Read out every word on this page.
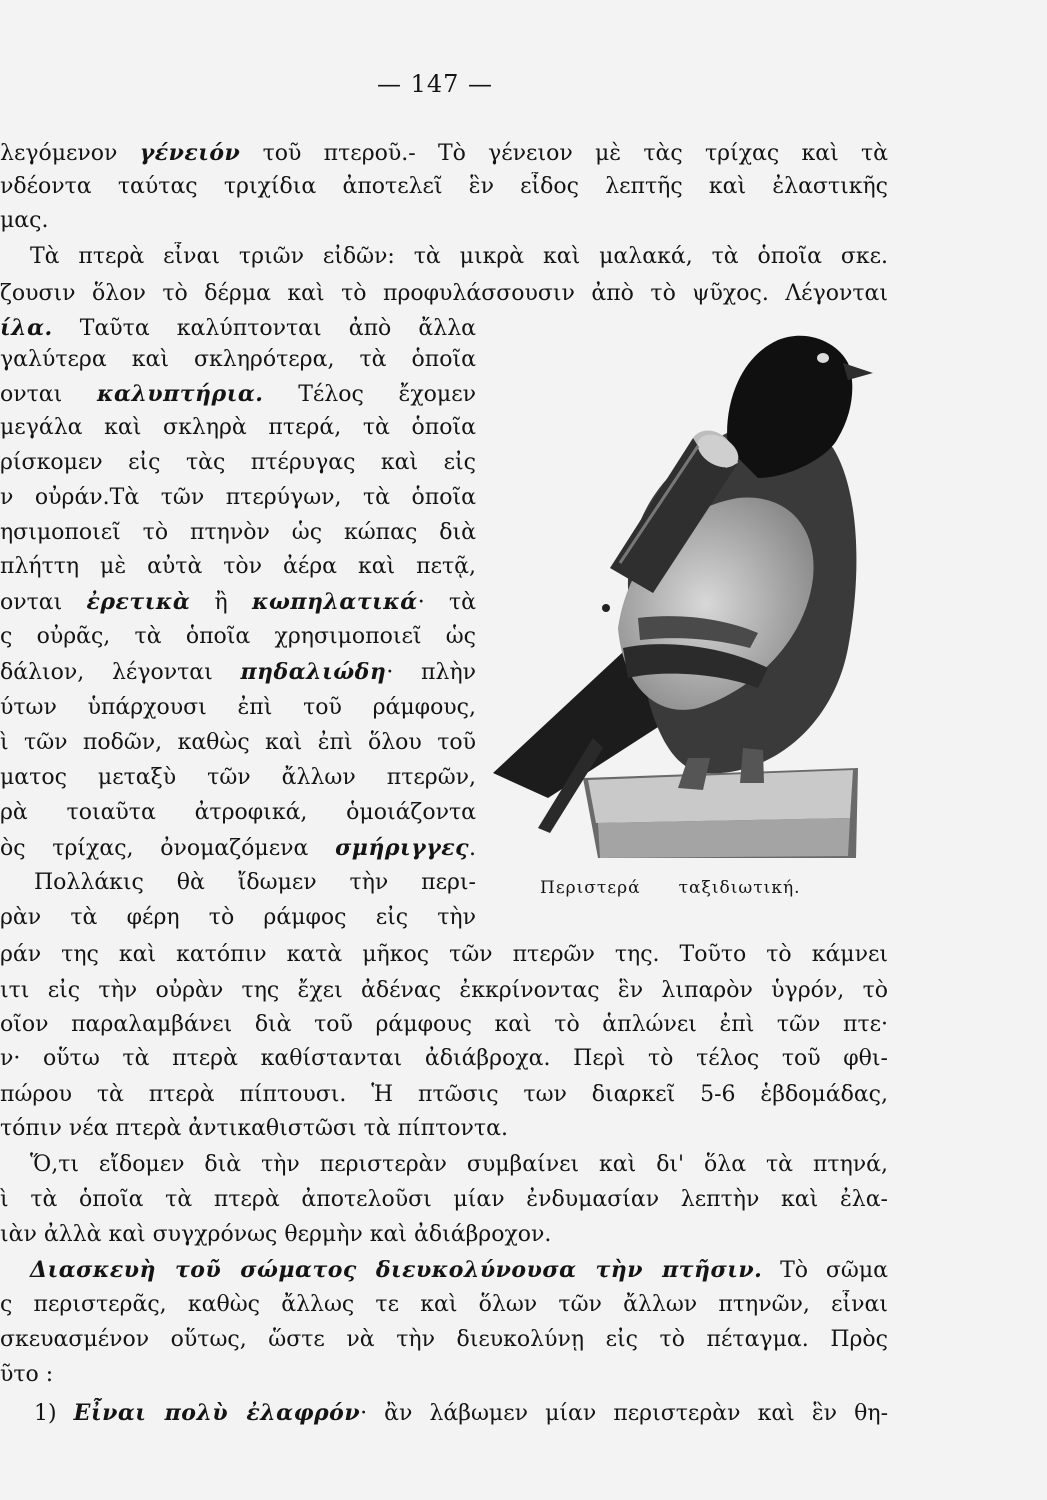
— 147 —
λεγόμενον γένειόν τοῦ πτεροῦ.- Τὸ γένειον μὲ τὰς τρίχας καὶ τὰ
νδέοντα ταύτας τριχίδια ἀποτελεῖ ἓν εἶδος λεπτῆς καὶ ἐλαστικῆς
μας.
Τὰ πτερὰ εἶναι τριῶν εἰδῶν: τὰ μικρὰ καὶ μαλακά, τὰ ὁποῖα σκε.
ζουσιν ὅλον τὸ δέρμα καὶ τὸ προφυλάσσουσιν ἀπὸ τὸ ψῦχος. Λέγονται
ίλα. Ταῦτα καλύπτονται ἀπὸ ἄλλα
γαλύτερα καὶ σκληρότερα, τὰ ὁποῖα
ονται καλυπτήρια. Τέλος ἔχομεν
μεγάλα καὶ σκληρὰ πτερά, τὰ ὁποῖα
ρίσκομεν εἰς τὰς πτέρυγας καὶ εἰς
ν οὐράν.Τὰ τῶν πτερύγων, τὰ ὁποῖα
ησιμοποιεῖ τὸ πτηνὸν ὡς κώπας διὰ
πλήττη μὲ αὐτὰ τὸν ἀέρα καὶ πετᾷ,
ονται ἐρετικὰ ἢ κωπηλατικά· τὰ
ς οὐρᾶς, τὰ ὁποῖα χρησιμοποιεῖ ὡς
δάλιον, λέγονται πηδαλιώδη· πλὴν
ύτων ὑπάρχουσι ἐπὶ τοῦ ράμφους,
ὶ τῶν ποδῶν, καθὼς καὶ ἐπὶ ὅλου τοῦ
ματος μεταξὺ τῶν ἄλλων πτερῶν,
ρὰ τοιαῦτα ἀτροφικά, ὁμοιάζοντα
ὸς τρίχας, ὀνομαζόμενα σμήριγγες.
Πολλάκις θὰ ἴδωμεν τὴν περι-
ρὰν τὰ φέρη τὸ ράμφος εἰς τὴν
Περιστερά ταξιδιωτική.
ράν της καὶ κατόπιν κατὰ μῆκος τῶν πτερῶν της. Τοῦτο τὸ κάμνει
ιτι εἰς τὴν οὐρὰν της ἔχει ἀδένας ἐκκρίνοντας ἓν λιπαρὸν ὑγρόν, τὸ
οῖον παραλαμβάνει διὰ τοῦ ράμφους καὶ τὸ ἁπλώνει ἐπὶ τῶν πτε·
ν· οὕτω τὰ πτερὰ καθίστανται ἀδιάβροχα. Περὶ τὸ τέλος τοῦ φθι-
πώρου τὰ πτερὰ πίπτουσι. Ἡ πτῶσις των διαρκεῖ 5-6 ἑβδομάδας,
τόπιν νέα πτερὰ ἀντικαθιστῶσι τὰ πίπτοντα.
Ὅ,τι εἴδομεν διὰ τὴν περιστερὰν συμβαίνει καὶ δι' ὅλα τὰ πτηνά,
ὶ τὰ ὁποῖα τὰ πτερὰ ἀποτελοῦσι μίαν ἐνδυμασίαν λεπτὴν καὶ ἐλα-
ιὰν ἀλλὰ καὶ συγχρόνως θερμὴν καὶ ἀδιάβροχον.
Διασκευὴ τοῦ σώματος διευκολύνουσα τὴν πτῆσιν. Τὸ σῶμα
ς περιστερᾶς, καθὼς ἄλλως τε καὶ ὅλων τῶν ἄλλων πτηνῶν, εἶναι
σκευασμένον οὕτως, ὥστε νὰ τὴν διευκολύνῃ εἰς τὸ πέταγμα. Πρὸς
ῦτο :
1) Εἶναι πολὺ ἐλαφρόν· ἂν λάβωμεν μίαν περιστερὰν καὶ ἓν θη-
